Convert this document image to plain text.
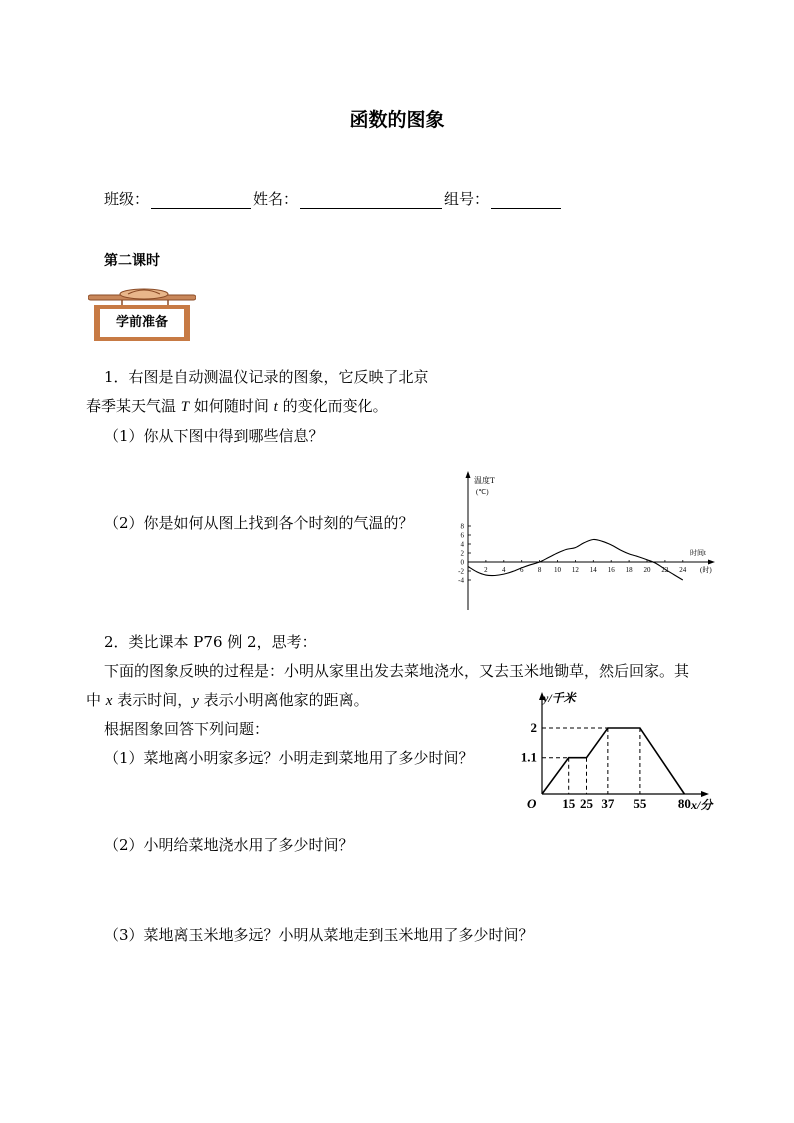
函数的图象
班级：	姓名：	组号：
第二课时
学前准备
1．右图是自动测温仪记录的图象，它反映了北京
春季某天气温 T 如何随时间 t 的变化而变化。
（1）你从下图中得到哪些信息？
（2）你是如何从图上找到各个时刻的气温的？
2 4 6 8 10 12 14 16 18 20 22 24
-4
-2
0
2
4
6
8
温度T
(℃)
时间t
(时)
2．类比课本 P76 例 2，思考：
下面的图象反映的过程是：小明从家里出发去菜地浇水，又去玉米地锄草，然后回家。其
中 x 表示时间，y 表示小明离他家的距离。
根据图象回答下列问题：
（1）菜地离小明家多远？小明走到菜地用了多少时间？
（2）小明给菜地浇水用了多少时间？
（3）菜地离玉米地多远？小明从菜地走到玉米地用了多少时间？
1.1
2
15 25 37 55 80
y/千米
x/分
O
